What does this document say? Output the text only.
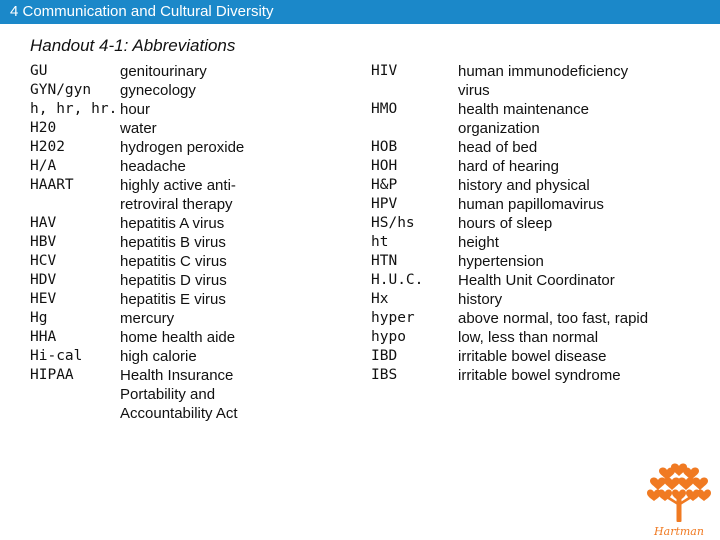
4 Communication and Cultural Diversity
Handout 4-1: Abbreviations
GU
GYN/gyn
h, hr, hr.
H20
H202
H/A
HAART

HAV
HBV
HCV
HDV
HEV
Hg
HHA
Hi-cal
HIPAA
genitourinary
gynecology
hour
water
hydrogen peroxide
headache
highly active anti-
retroviral therapy
hepatitis A virus
hepatitis B virus
hepatitis C virus
hepatitis D virus
hepatitis E virus
mercury
home health aide
high calorie
Health Insurance
Portability and
Accountability Act
HIV

HMO

HOB
HOH
H&P
HPV
HS/hs
ht
HTN
H.U.C.
Hx
hyper
hypo
IBD
IBS
human immunodeficiency
virus
health maintenance
organization
head of bed
hard of hearing
history and physical
human papillomavirus
hours of sleep
height
hypertension
Health Unit Coordinator
history
above normal, too fast, rapid
low, less than normal
irritable bowel disease
irritable bowel syndrome
Hartman
